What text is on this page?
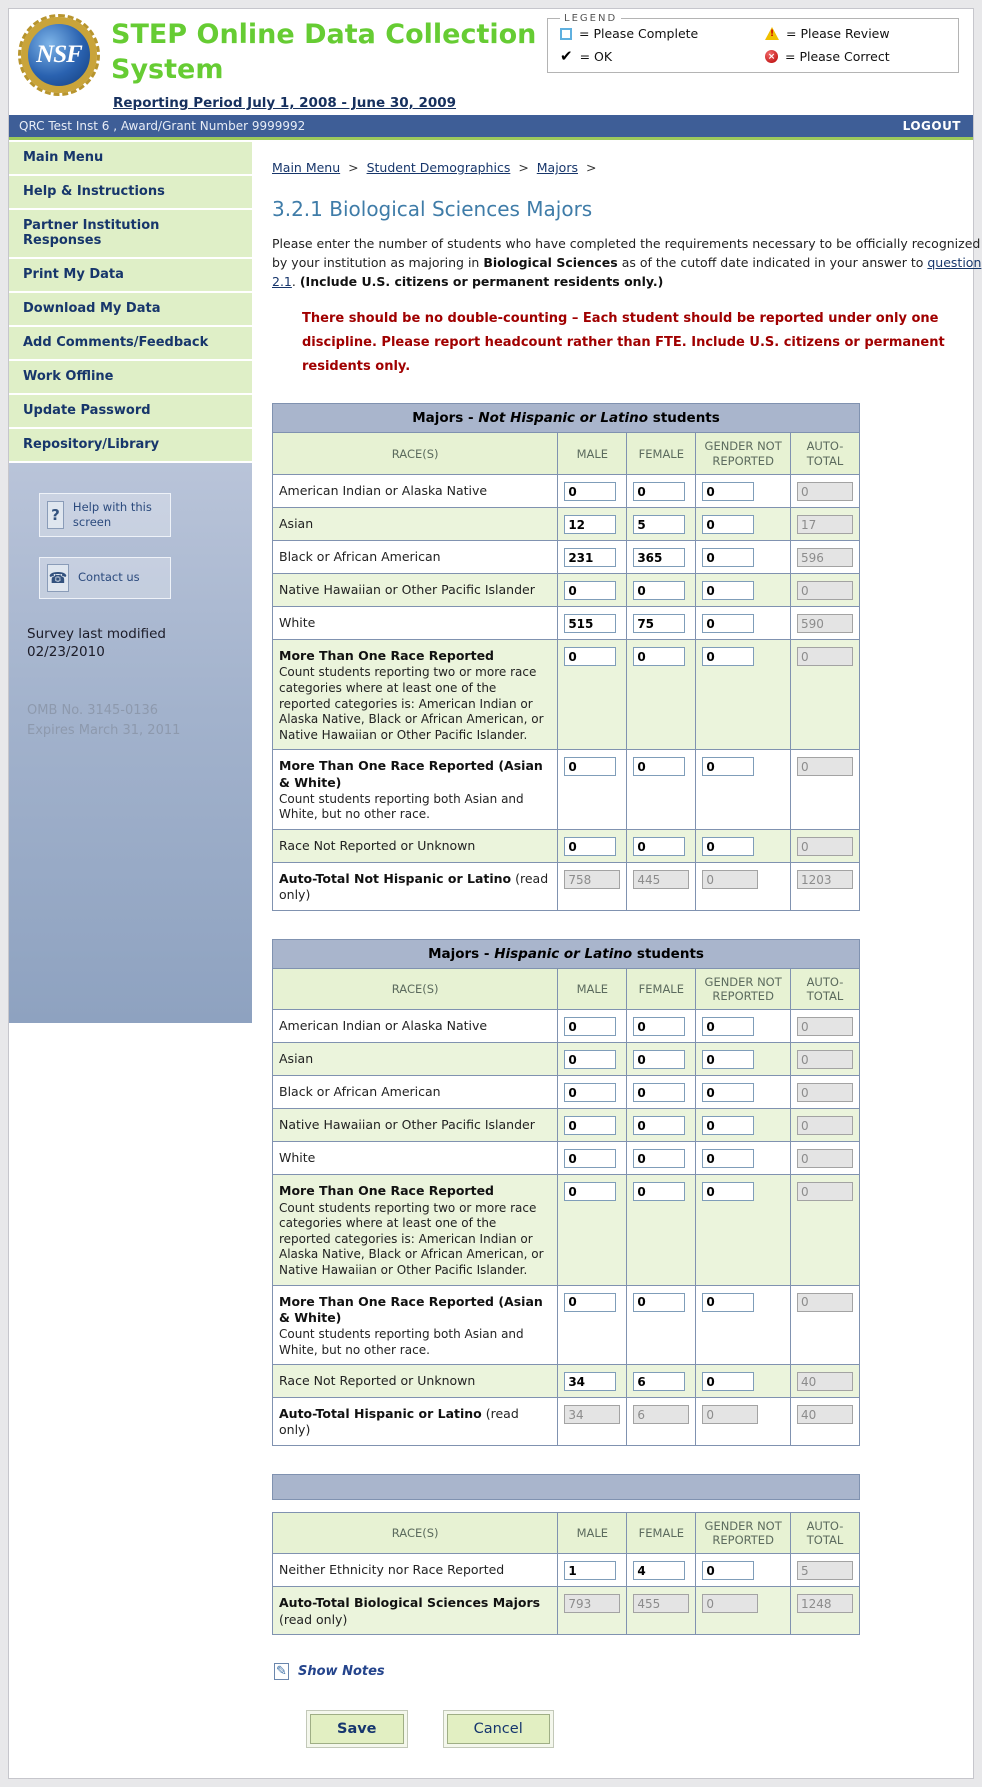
NSF
STEP Online Data Collection System
Reporting Period July 1, 2008 - June 30, 2009
LEGEND
= Please Complete	! = Please Review
✔ = OK	× = Please Correct
QRC Test Inst 6 , Award/Grant Number 9999992	LOGOUT
Main Menu
Help & Instructions
Partner Institution Responses
Print My Data
Download My Data
Add Comments/Feedback
Work Offline
Update Password
Repository/Library
?	Help with this screen
☎ Contact us
Survey last modified 02/23/2010
OMB No. 3145-0136
Expires March 31, 2011
Main Menu > Student Demographics > Majors >
3.2.1 Biological Sciences Majors

Please enter the number of students who have completed the requirements necessary to be officially recognized by your institution as majoring in Biological Sciences as of the cutoff date indicated in your answer to question 2.1. (Include U.S. citizens or permanent residents only.)

There should be no double-counting – Each student should be reported under only one discipline. Please report headcount rather than FTE. Include U.S. citizens or permanent residents only.

Majors - Not Hispanic or Latino students				
RACE(S)	MALE	FEMALE	GENDER NOT REPORTED	AUTO-TOTAL
American Indian or Alaska Native	0	0	0	0
Asian	12	5	0	17
Black or African American	231	365	0	596
Native Hawaiian or Other Pacific Islander	0	0	0	0
White	515	75	0	590
More Than One Race Reported
Count students reporting two or more race categories where at least one of the reported categories is: American Indian or Alaska Native, Black or African American, or Native Hawaiian or Other Pacific Islander.
	0	0	0	0
More Than One Race Reported (Asian & White)
Count students reporting both Asian and White, but no other race.
	0	0	0	0
Race Not Reported or Unknown	0	0	0	0
Auto-Total Not Hispanic or Latino (read only)	758	445	0	1203
Majors - Hispanic or Latino students				
RACE(S)	MALE	FEMALE	GENDER NOT REPORTED	AUTO-TOTAL
American Indian or Alaska Native	0	0	0	0
Asian	0	0	0	0
Black or African American	0	0	0	0
Native Hawaiian or Other Pacific Islander	0	0	0	0
White	0	0	0	0
More Than One Race Reported
Count students reporting two or more race categories where at least one of the reported categories is: American Indian or Alaska Native, Black or African American, or Native Hawaiian or Other Pacific Islander.
	0	0	0	0
More Than One Race Reported (Asian & White)
Count students reporting both Asian and White, but no other race.
	0	0	0	0
Race Not Reported or Unknown	34	6	0	40
Auto-Total Hispanic or Latino (read only)	34	6	0	40
RACE(S)	MALE	FEMALE	GENDER NOT REPORTED	AUTO-TOTAL
Neither Ethnicity nor Race Reported	1	4	0	5
Auto-Total Biological Sciences Majors (read only)	793	455	0	1248
✎ Show Notes
Save
	Cancel
